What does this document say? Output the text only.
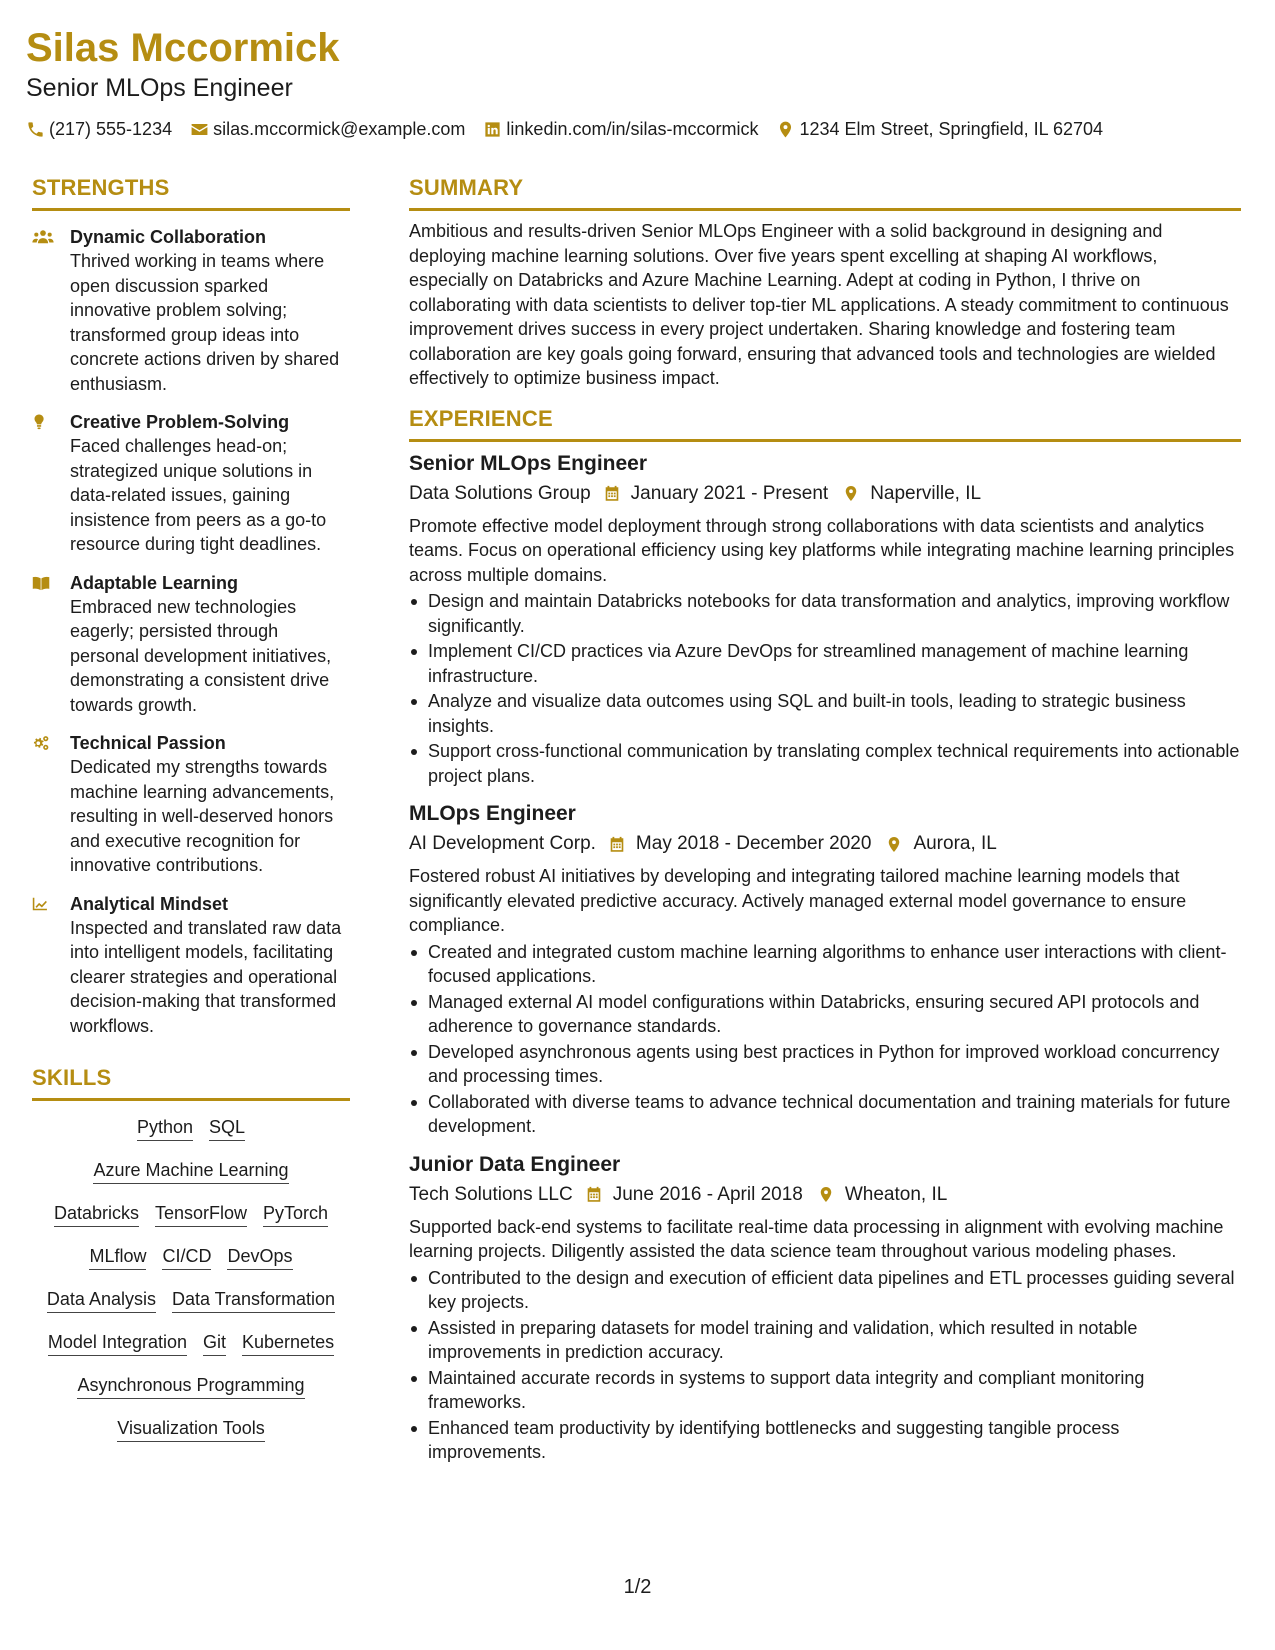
Silas Mccormick
Senior MLOps Engineer
(217) 555-1234 silas.mccormick@example.com linkedin.com/in/silas-mccormick 1234 Elm Street, Springfield, IL 62704
STRENGTHS
Dynamic Collaboration
Thrived working in teams where open discussion sparked innovative problem solving; transformed group ideas into concrete actions driven by shared enthusiasm.
Creative Problem-Solving
Faced challenges head-on; strategized unique solutions in data-related issues, gaining insistence from peers as a go-to resource during tight deadlines.
Adaptable Learning
Embraced new technologies eagerly; persisted through personal development initiatives, demonstrating a consistent drive towards growth.
Technical Passion
Dedicated my strengths towards machine learning advancements, resulting in well-deserved honors and executive recognition for innovative contributions.
Analytical Mindset
Inspected and translated raw data into intelligent models, facilitating clearer strategies and operational decision-making that transformed workflows.
SKILLS
Python SQL
Azure Machine Learning
Databricks TensorFlow PyTorch
MLflow CI/CD DevOps
Data Analysis Data Transformation
Model Integration Git Kubernetes
Asynchronous Programming
Visualization Tools
SUMMARY
Ambitious and results-driven Senior MLOps Engineer with a solid background in designing and deploying machine learning solutions. Over five years spent excelling at shaping AI workflows, especially on Databricks and Azure Machine Learning. Adept at coding in Python, I thrive on collaborating with data scientists to deliver top-tier ML applications. A steady commitment to continuous improvement drives success in every project undertaken. Sharing knowledge and fostering team collaboration are key goals going forward, ensuring that advanced tools and technologies are wielded effectively to optimize business impact.
EXPERIENCE
Senior MLOps Engineer
Data Solutions Group January 2021 - Present Naperville, IL
Promote effective model deployment through strong collaborations with data scientists and analytics teams. Focus on operational efficiency using key platforms while integrating machine learning principles across multiple domains.
Design and maintain Databricks notebooks for data transformation and analytics, improving workflow significantly.
Implement CI/CD practices via Azure DevOps for streamlined management of machine learning infrastructure.
Analyze and visualize data outcomes using SQL and built-in tools, leading to strategic business insights.
Support cross-functional communication by translating complex technical requirements into actionable project plans.
MLOps Engineer
AI Development Corp. May 2018 - December 2020 Aurora, IL
Fostered robust AI initiatives by developing and integrating tailored machine learning models that significantly elevated predictive accuracy. Actively managed external model governance to ensure compliance.
Created and integrated custom machine learning algorithms to enhance user interactions with client-focused applications.
Managed external AI model configurations within Databricks, ensuring secured API protocols and adherence to governance standards.
Developed asynchronous agents using best practices in Python for improved workload concurrency and processing times.
Collaborated with diverse teams to advance technical documentation and training materials for future development.
Junior Data Engineer
Tech Solutions LLC June 2016 - April 2018 Wheaton, IL
Supported back-end systems to facilitate real-time data processing in alignment with evolving machine learning projects. Diligently assisted the data science team throughout various modeling phases.
Contributed to the design and execution of efficient data pipelines and ETL processes guiding several key projects.
Assisted in preparing datasets for model training and validation, which resulted in notable improvements in prediction accuracy.
Maintained accurate records in systems to support data integrity and compliant monitoring frameworks.
Enhanced team productivity by identifying bottlenecks and suggesting tangible process improvements.
1/2
